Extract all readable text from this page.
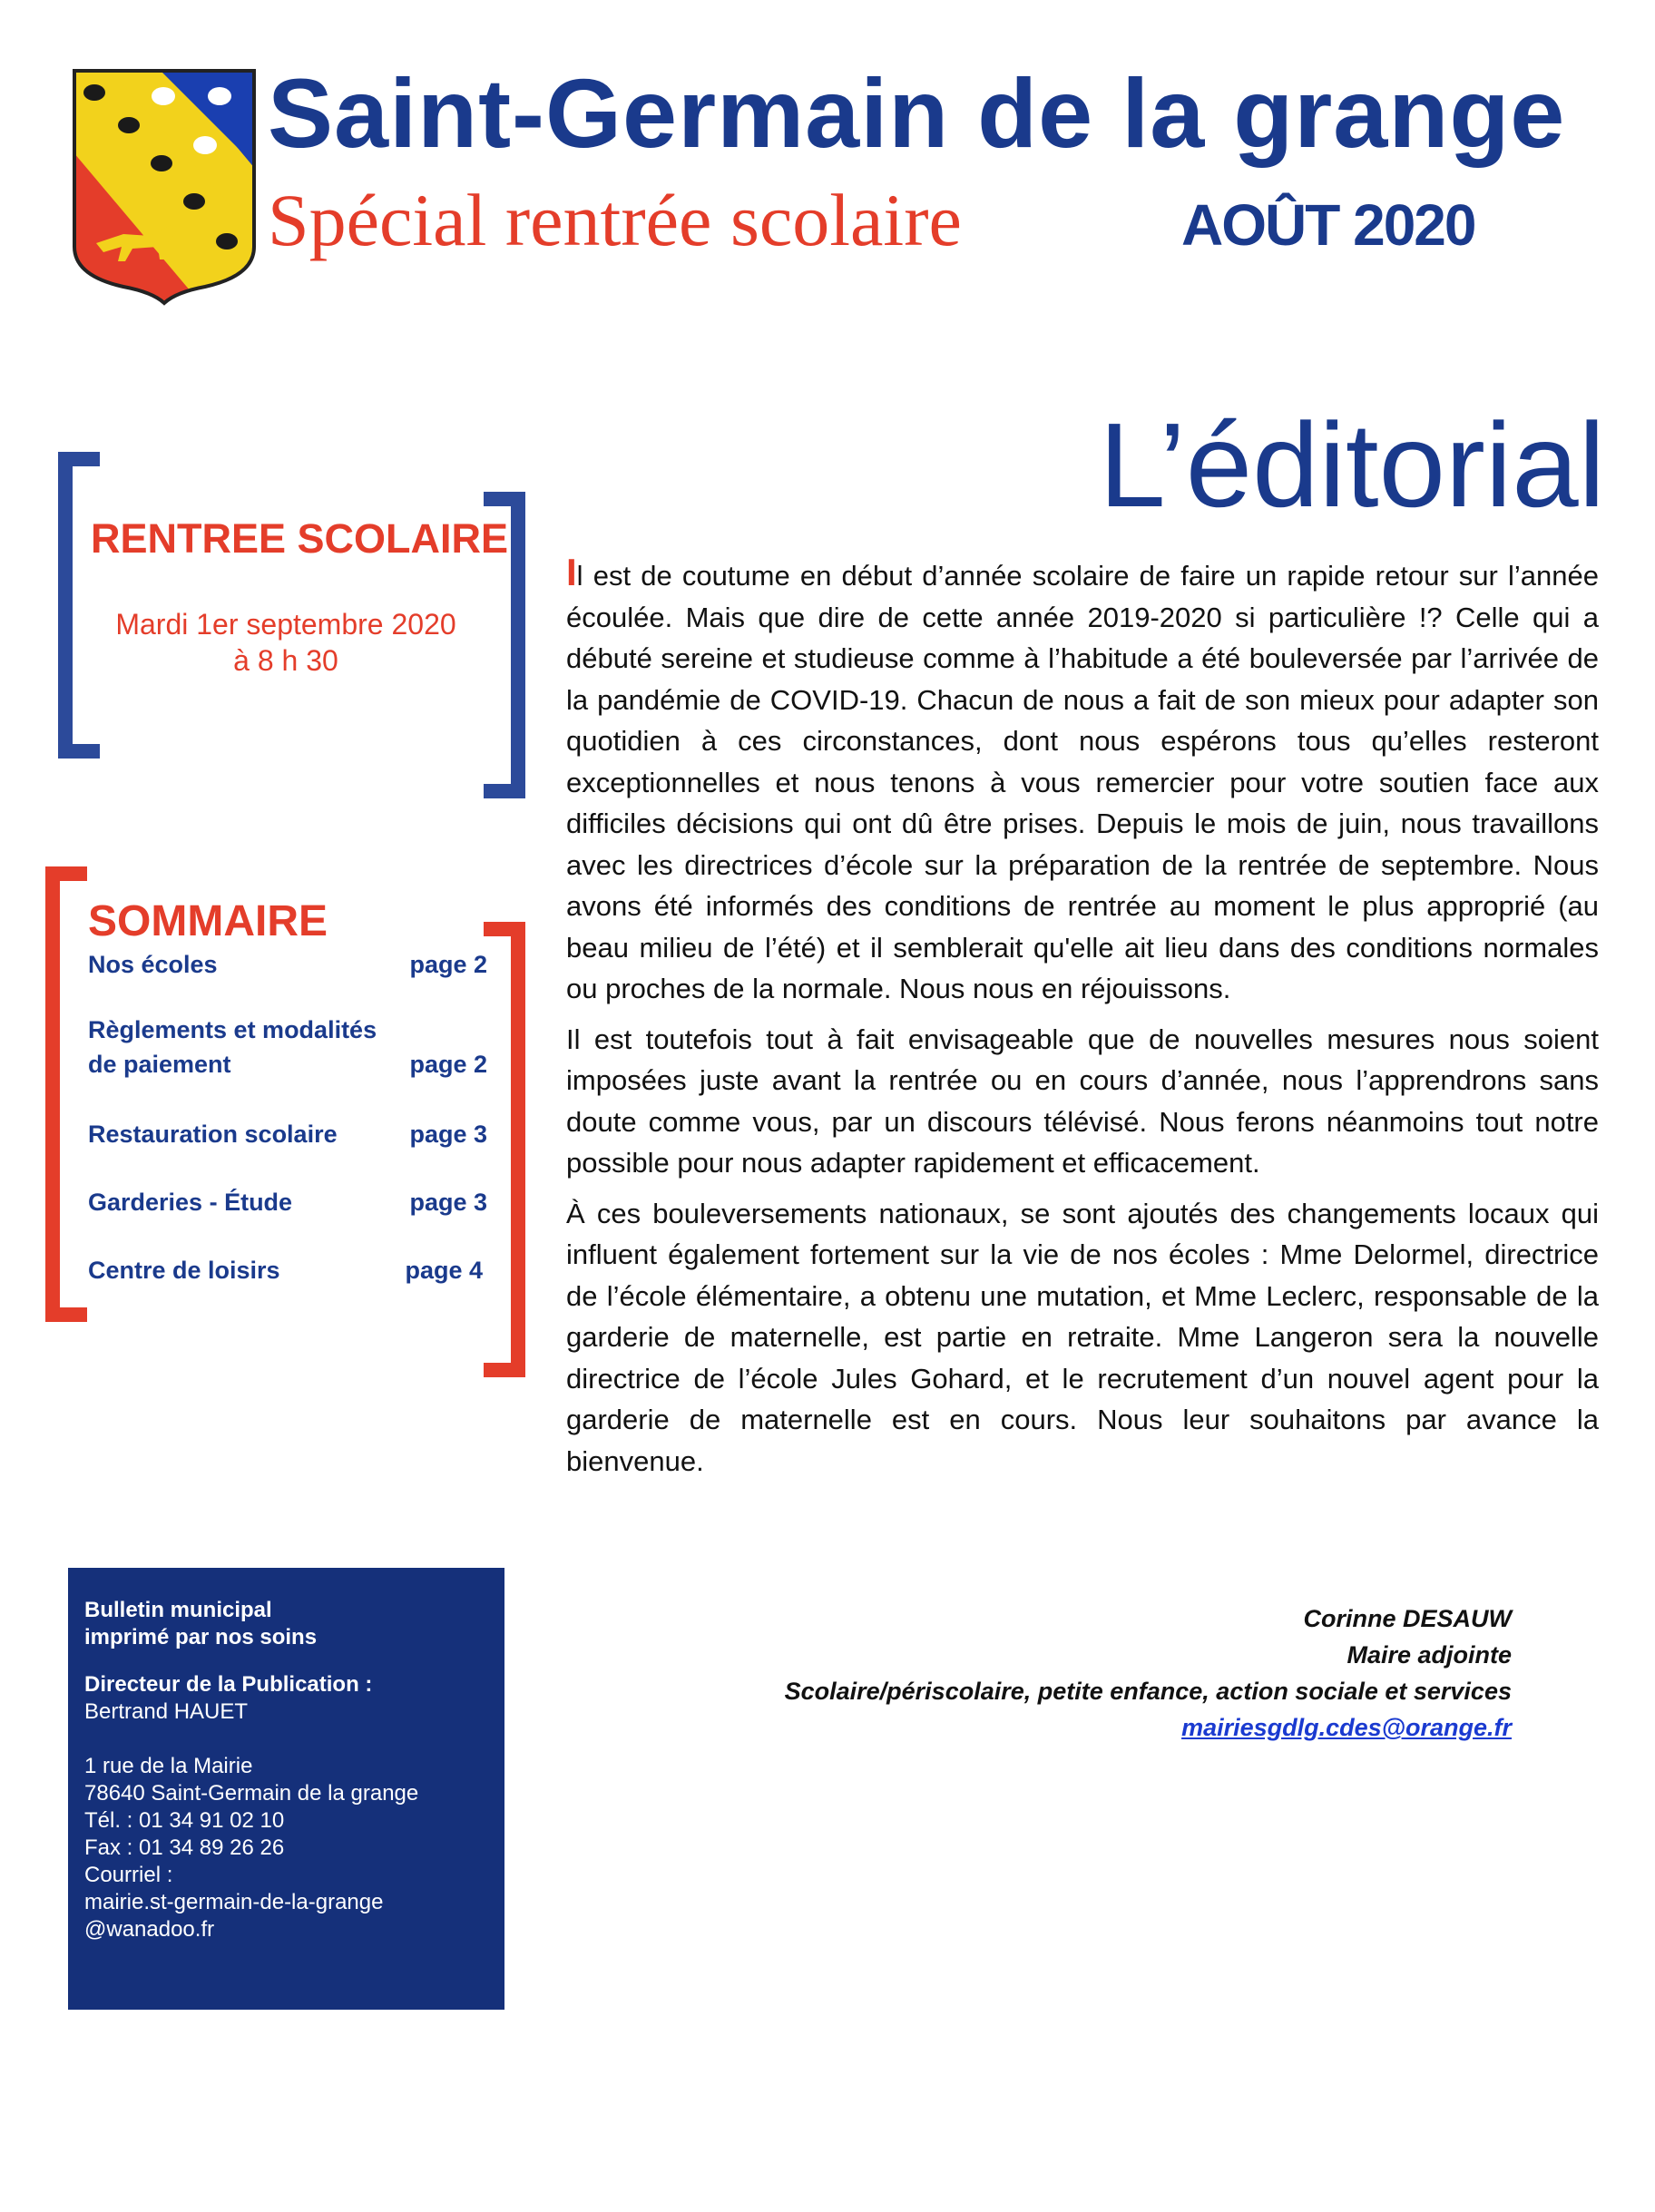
Saint-Germain de la grange
Spécial rentrée scolaire	AOÛT 2020
L’éditorial
RENTREE SCOLAIRE
Mardi 1er septembre 2020
à 8 h 30
SOMMAIRE
Nos écoles	page 2
Règlements et modalités de paiement	page 2
Restauration scolaire	page 3
Garderies - Étude	page 3
Centre de loisirs	page 4

Bulletin municipal

imprimé par nos soins

Directeur de la Publication :

Bertrand HAUET

1 rue de la Mairie

78640 Saint-Germain de la grange

Tél. : 01 34 91 02 10

Fax : 01 34 89 26 26

Courriel :

mairie.st-germain-de-la-grange

@wanadoo.fr

Il est de coutume en début d’année scolaire de faire un rapide retour sur l’année écoulée. Mais que dire de cette année 2019-2020 si particulière !? Celle qui a débuté sereine et studieuse comme à l’habitude a été bouleversée par l’arrivée de la pandémie de COVID-19. Chacun de nous a fait de son mieux pour adapter son quotidien à ces circonstances, dont nous espérons tous qu’elles resteront exceptionnelles et nous tenons à vous remercier pour votre soutien face aux difficiles décisions qui ont dû être prises. Depuis le mois de juin, nous travaillons avec les directrices d’école sur la préparation de la rentrée de septembre. Nous avons été informés des conditions de rentrée au moment le plus approprié (au beau milieu de l’été) et il semblerait qu'elle ait lieu dans des conditions normales ou proches de la normale. Nous nous en réjouissons.

Il est toutefois tout à fait envisageable que de nouvelles mesures nous soient imposées juste avant la rentrée ou en cours d’année, nous l’apprendrons sans doute comme vous, par un discours télévisé. Nous ferons néanmoins tout notre possible pour nous adapter rapidement et efficacement.

À ces bouleversements nationaux, se sont ajoutés des changements locaux qui influent également fortement sur la vie de nos écoles : Mme Delormel, directrice de l’école élémentaire, a obtenu une mutation, et Mme Leclerc, responsable de la garderie de maternelle, est partie en retraite. Mme Langeron sera la nouvelle directrice de l’école Jules Gohard, et le recrutement d’un nouvel agent pour la garderie de maternelle est en cours. Nous leur souhaitons par avance la bienvenue.

Corinne DESAUW
Maire adjointe
Scolaire/périscolaire, petite enfance, action sociale et services
mairiesgdlg.cdes@orange.fr
